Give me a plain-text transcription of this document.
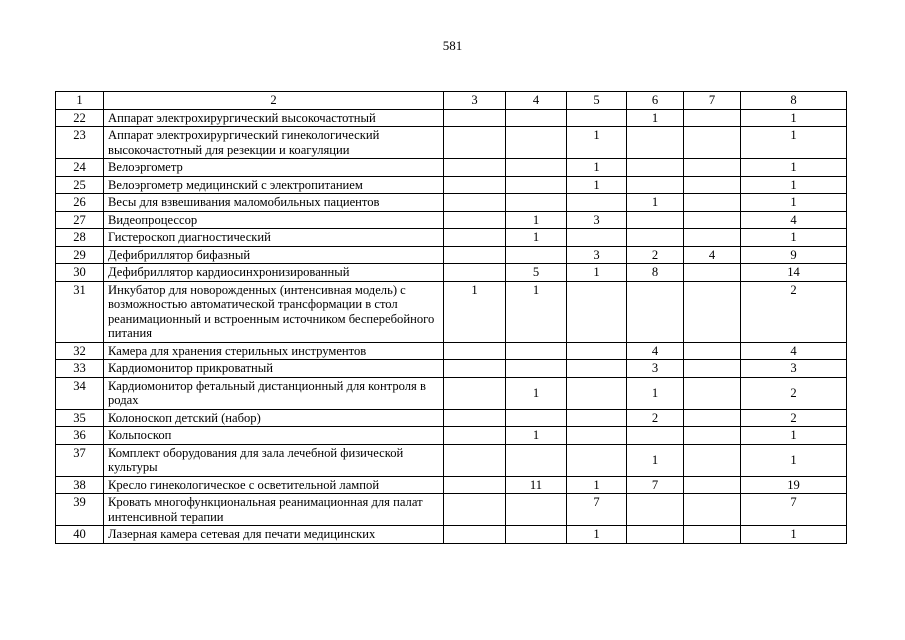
581
1	2	3	4	5	6	7	8
22	Аппарат электрохирургический высокочастотный				1		1
23	Аппарат электрохирургический гинекологический высокочастотный для резекции и коагуляции			1			1
24	Велоэргометр			1			1
25	Велоэргометр медицинский с электропитанием			1			1
26	Весы для взвешивания маломобильных пациентов				1		1
27	Видеопроцессор		1	3			4
28	Гистероскоп диагностический		1				1
29	Дефибриллятор бифазный			3	2	4	9
30	Дефибриллятор кардиосинхронизированный		5	1	8		14
31	Инкубатор для новорожденных (интенсивная модель) с возможностью автоматической трансформации в стол реанимационный и встроенным источником бесперебойного питания	1	1				2
32	Камера для хранения стерильных инструментов				4		4
33	Кардиомонитор прикроватный				3		3
34	Кардиомонитор фетальный дистанционный для контроля в родах		1		1		2
35	Колоноскоп детский (набор)				2		2
36	Кольпоскоп		1				1
37	Комплект оборудования для зала лечебной физической культуры				1		1
38	Кресло гинекологическое с осветительной лампой		11	1	7		19
39	Кровать многофункциональная реанимационная для палат интенсивной терапии			7			7
40	Лазерная камера сетевая для печати медицинских			1			1
